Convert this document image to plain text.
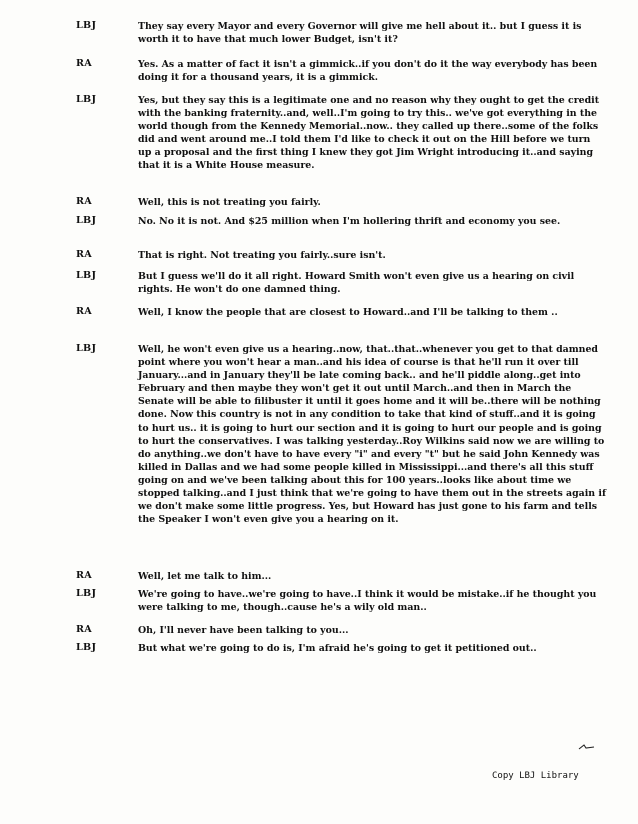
LBJ	They say every Mayor and every Governor will give me hell about it.. but I guess it is worth it to have that much lower Budget, isn't it?
RA	Yes. As a matter of fact it isn't a gimmick..if you don't do it the way everybody has been doing it for a thousand years, it is a gimmick.
LBJ	Yes, but they say this is a legitimate one and no reason why they ought to get the credit with the banking fraternity..and, well..I'm going to try this.. we've got everything in the world though from the Kennedy Memorial..now.. they called up there..some of the folks did and went around me..I told them I'd like to check it out on the Hill before we turn up a proposal and the first thing I knew they got Jim Wright introducing it..and saying that it is a White House measure.
RA	Well, this is not treating you fairly.
LBJ	No. No it is not. And $25 million when I'm hollering thrift and economy you see.
RA	That is right. Not treating you fairly..sure isn't.
LBJ	But I guess we'll do it all right. Howard Smith won't even give us a hearing on civil rights. He won't do one damned thing.
RA	Well, I know the people that are closest to Howard..and I'll be talking to them ..
LBJ	Well, he won't even give us a hearing..now, that..that..whenever you get to that damned point where you won't hear a man..and his idea of course is that he'll run it over till January...and in January they'll be late coming back.. and he'll piddle along..get into February and then maybe they won't get it out until March..and then in March the Senate will be able to filibuster it until it goes home and it will be..there will be nothing done. Now this country is not in any condition to take that kind of stuff..and it is going to hurt us.. it is going to hurt our section and it is going to hurt our people and is going to hurt the conservatives. I was talking yesterday..Roy Wilkins said now we are willing to do anything..we don't have to have every "i" and every "t" but he said John Kennedy was killed in Dallas and we had some people killed in Mississippi...and there's all this stuff going on and we've been talking about this for 100 years..looks like about time we stopped talking..and I just think that we're going to have them out in the streets again if we don't make some little progress. Yes, but Howard has just gone to his farm and tells the Speaker I won't even give you a hearing on it.
RA	Well, let me talk to him...
LBJ	We're going to have..we're going to have..I think it would be mistake..if he thought you were talking to me, though..cause he's a wily old man..
RA	Oh, I'll never have been talking to you...
LBJ	But what we're going to do is, I'm afraid he's going to get it petitioned out..
Copy LBJ Library
